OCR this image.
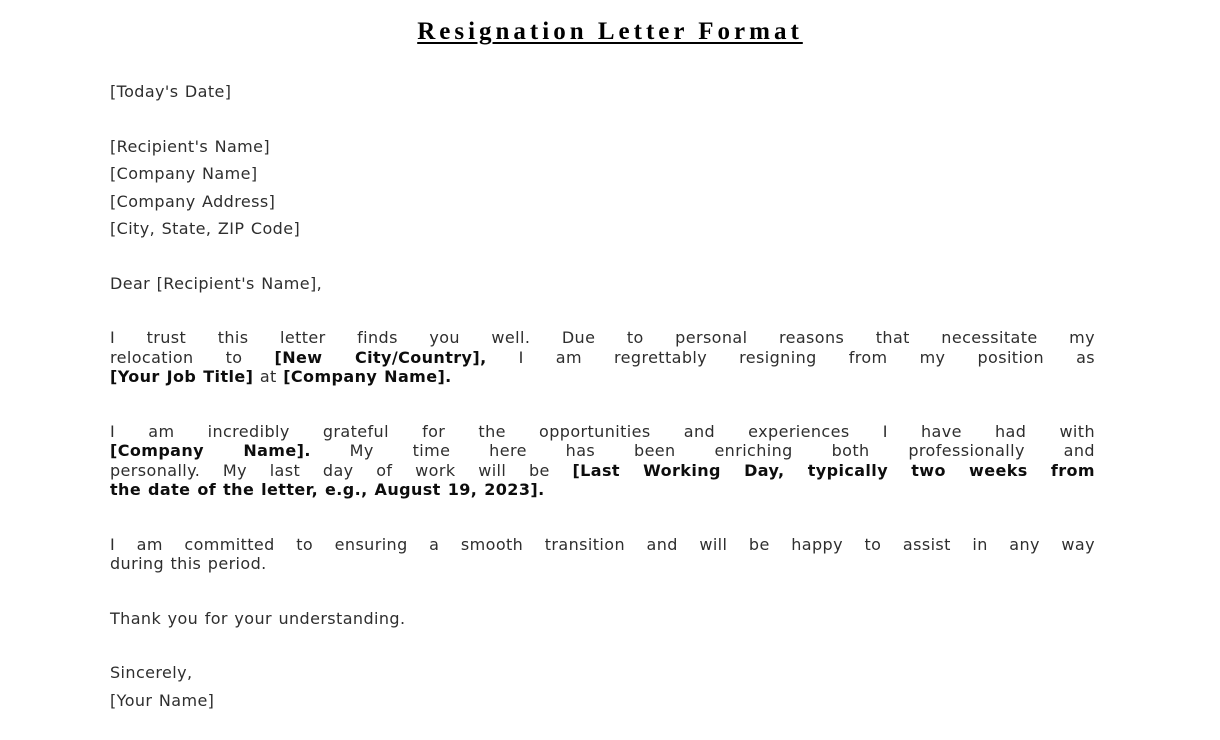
Resignation Letter Format
[Today's Date]
[Recipient's Name]
[Company Name]
[Company Address]
[City, State, ZIP Code]
Dear [Recipient's Name],
I trust this letter finds you well. Due to personal reasons that necessitate my
relocation to [New City/Country], I am regrettably resigning from my position as
[Your Job Title] at [Company Name].
I am incredibly grateful for the opportunities and experiences I have had with
[Company Name]. My time here has been enriching both professionally and
personally. My last day of work will be [Last Working Day, typically two weeks from
the date of the letter, e.g., August 19, 2023].
I am committed to ensuring a smooth transition and will be happy to assist in any way
during this period.
Thank you for your understanding.
Sincerely,
[Your Name]
